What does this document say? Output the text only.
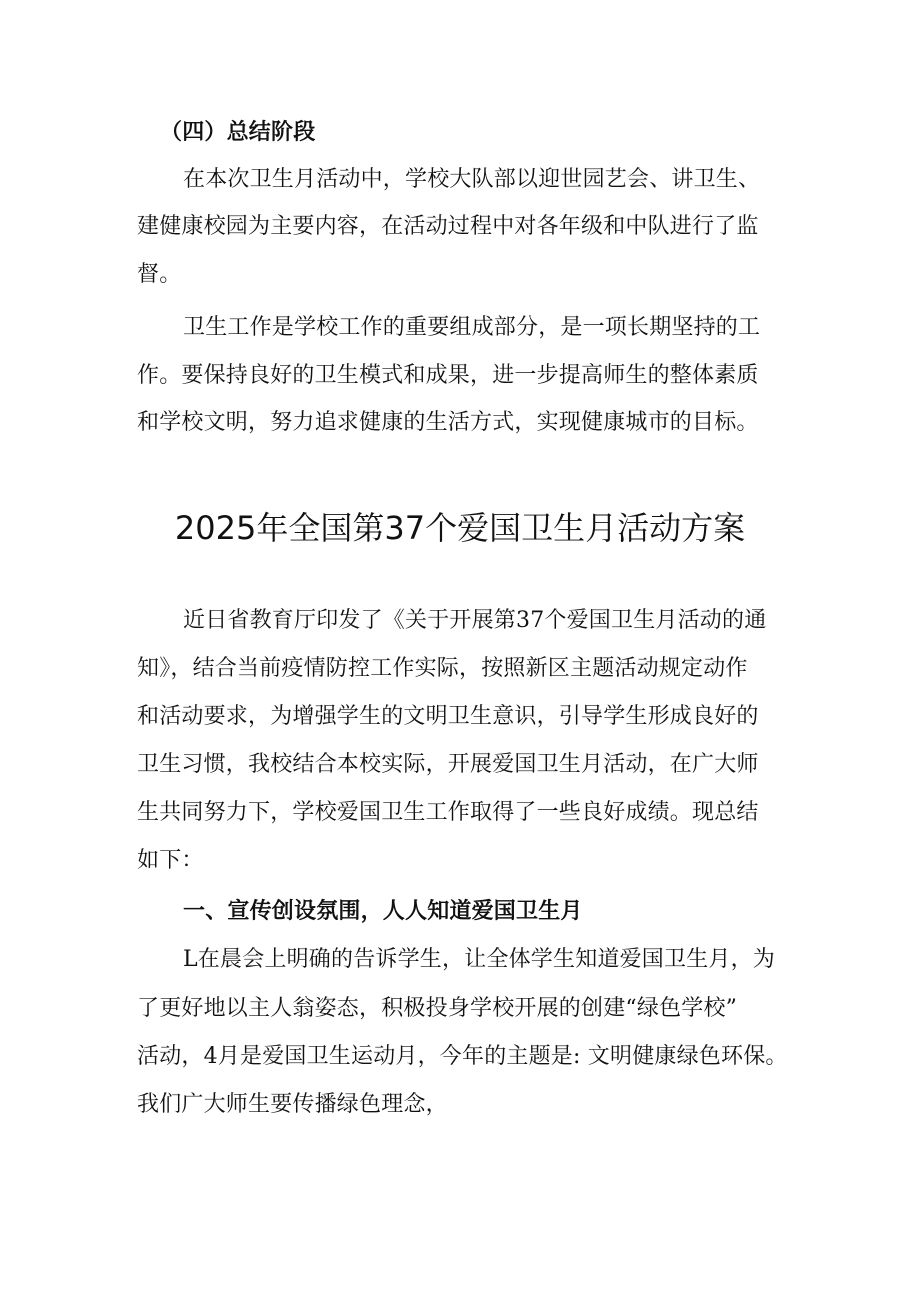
（四）总结阶段
在本次卫生月活动中，学校大队部以迎世园艺会、讲卫生、
建健康校园为主要内容，在活动过程中对各年级和中队进行了监
督。
卫生工作是学校工作的重要组成部分，是一项长期坚持的工
作。要保持良好的卫生模式和成果，进一步提高师生的整体素质
和学校文明，努力追求健康的生活方式，实现健康城市的目标。
2025年全国第37个爱国卫生月活动方案
近日省教育厅印发了《关于开展第37个爱国卫生月活动的通
知》，结合当前疫情防控工作实际，按照新区主题活动规定动作
和活动要求，为增强学生的文明卫生意识，引导学生形成良好的
卫生习惯，我校结合本校实际，开展爱国卫生月活动，在广大师
生共同努力下，学校爱国卫生工作取得了一些良好成绩。现总结
如下：
一、宣传创设氛围，人人知道爱国卫生月
L在晨会上明确的告诉学生，让全体学生知道爱国卫生月，为
了更好地以主人翁姿态，积极投身学校开展的创建“绿色学校”
活动，4月是爱国卫生运动月，今年的主题是: 文明健康绿色环保。
我们广大师生要传播绿色理念，
